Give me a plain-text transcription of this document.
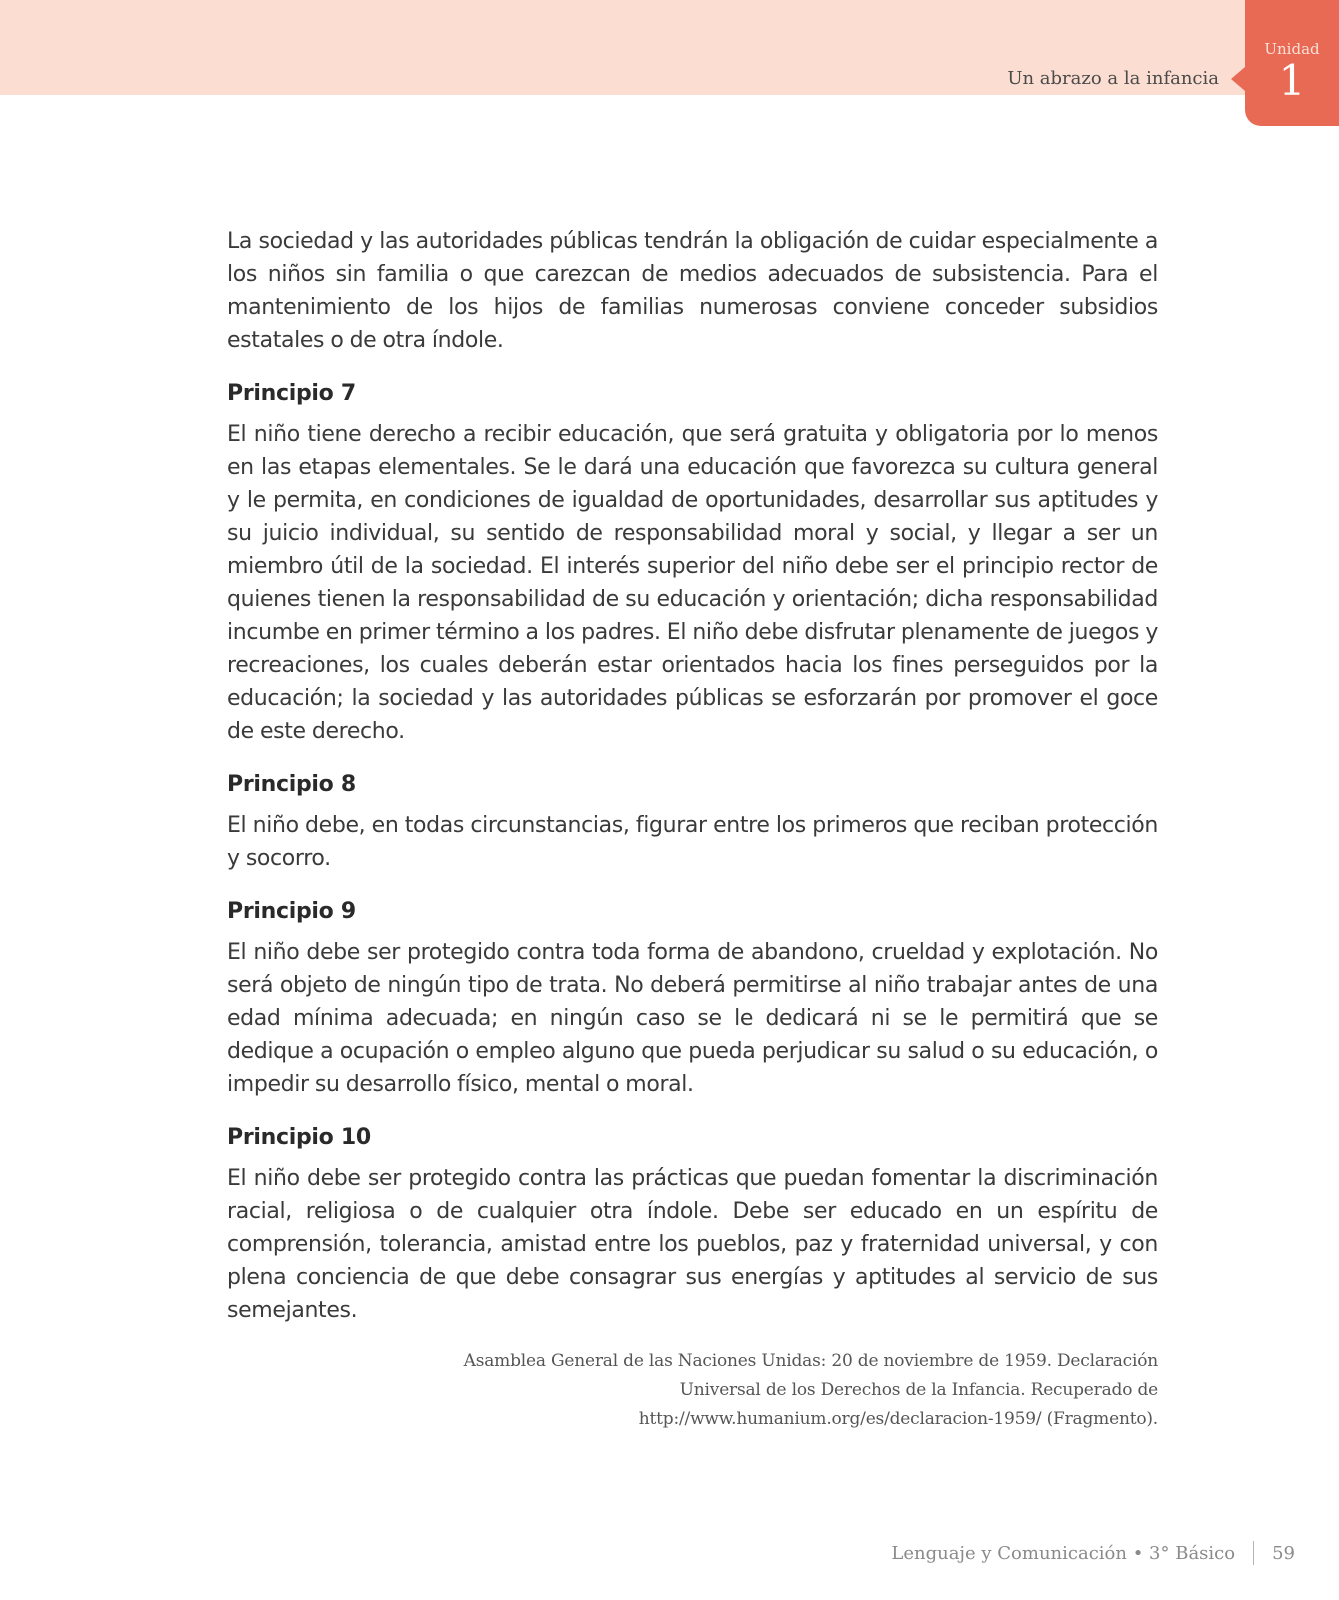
Un abrazo a la infancia
Unidad
1

La sociedad y las autoridades públicas tendrán la obligación de cuidar especialmente a los niños sin familia o que carezcan de medios adecuados de subsistencia. Para el mantenimiento de los hijos de familias numerosas conviene conceder subsidios estatales o de otra índole.

Principio 7

El niño tiene derecho a recibir educación, que será gratuita y obligatoria por lo menos en las etapas elementales. Se le dará una educación que favorezca su cultura general y le permita, en condiciones de igualdad de oportunidades, desarrollar sus aptitudes y su juicio individual, su sentido de responsabilidad moral y social, y llegar a ser un miembro útil de la sociedad. El interés superior del niño debe ser el principio rector de quienes tienen la responsabilidad de su educación y orientación; dicha responsabilidad incumbe en primer término a los padres. El niño debe disfrutar plenamente de juegos y recreaciones, los cuales deberán estar orientados hacia los fines perseguidos por la educación; la sociedad y las autoridades públicas se esforzarán por promover el goce de este derecho.

Principio 8

El niño debe, en todas circunstancias, figurar entre los primeros que reciban protección y socorro.

Principio 9

El niño debe ser protegido contra toda forma de abandono, crueldad y explotación. No será objeto de ningún tipo de trata. No deberá permitirse al niño trabajar antes de una edad mínima adecuada; en ningún caso se le dedicará ni se le permitirá que se dedique a ocupación o empleo alguno que pueda perjudicar su salud o su educación, o impedir su desarrollo físico, mental o moral.

Principio 10

El niño debe ser protegido contra las prácticas que puedan fomentar la discriminación racial, religiosa o de cualquier otra índole. Debe ser educado en un espíritu de comprensión, tolerancia, amistad entre los pueblos, paz y fraternidad universal, y con plena conciencia de que debe consagrar sus energías y aptitudes al servicio de sus semejantes.

Asamblea General de las Naciones Unidas: 20 de noviembre de 1959. Declaración Universal de los Derechos de la Infancia. Recuperado de http://www.humanium.org/es/declaracion-1959/ (Fragmento).

Lenguaje y Comunicación • 3° Básico 59
